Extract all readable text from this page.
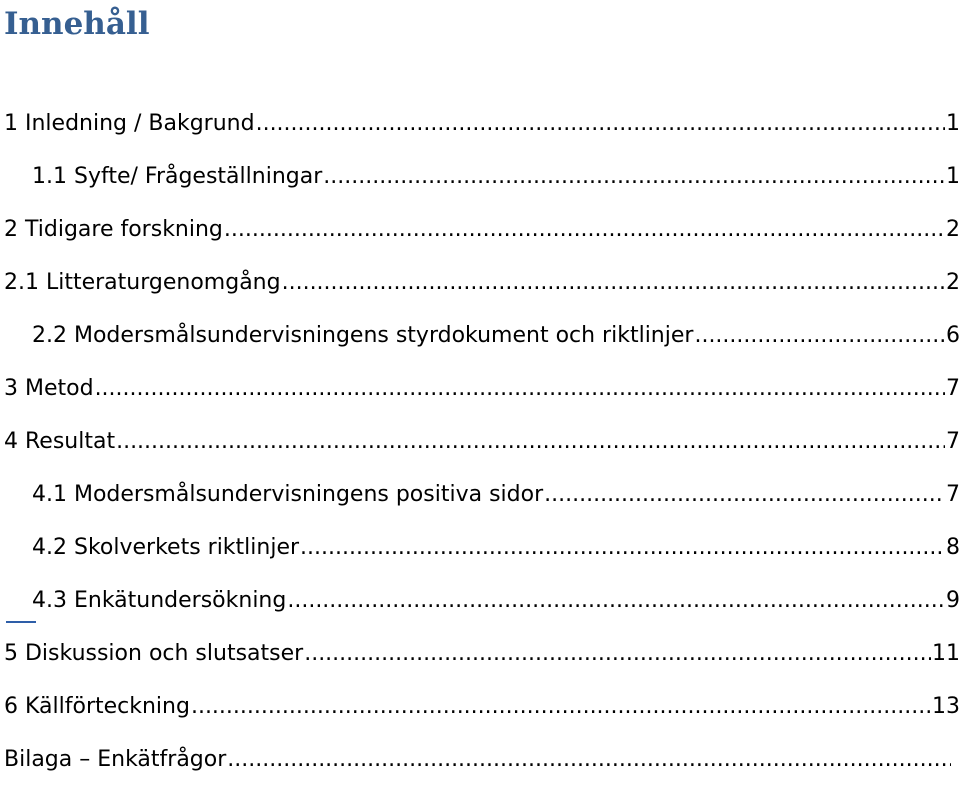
Innehåll
1 Inledning / Bakgrund .....	1
1.1 Syfte/ Frågeställningar .....	1
2 Tidigare forskning .....	2
2.1 Litteraturgenomgång .....	2
2.2 Modersmålsundervisningens styrdokument och riktlinjer .....	6
3 Metod .....	7
4 Resultat .....	7
4.1 Modersmålsundervisningens positiva sidor .....	7
4.2 Skolverkets riktlinjer .....	8
4.3 Enkätundersökning .....	9
5 Diskussion och slutsatser .....	11
6 Källförteckning .....	13
Bilaga – Enkätfrågor
.....
